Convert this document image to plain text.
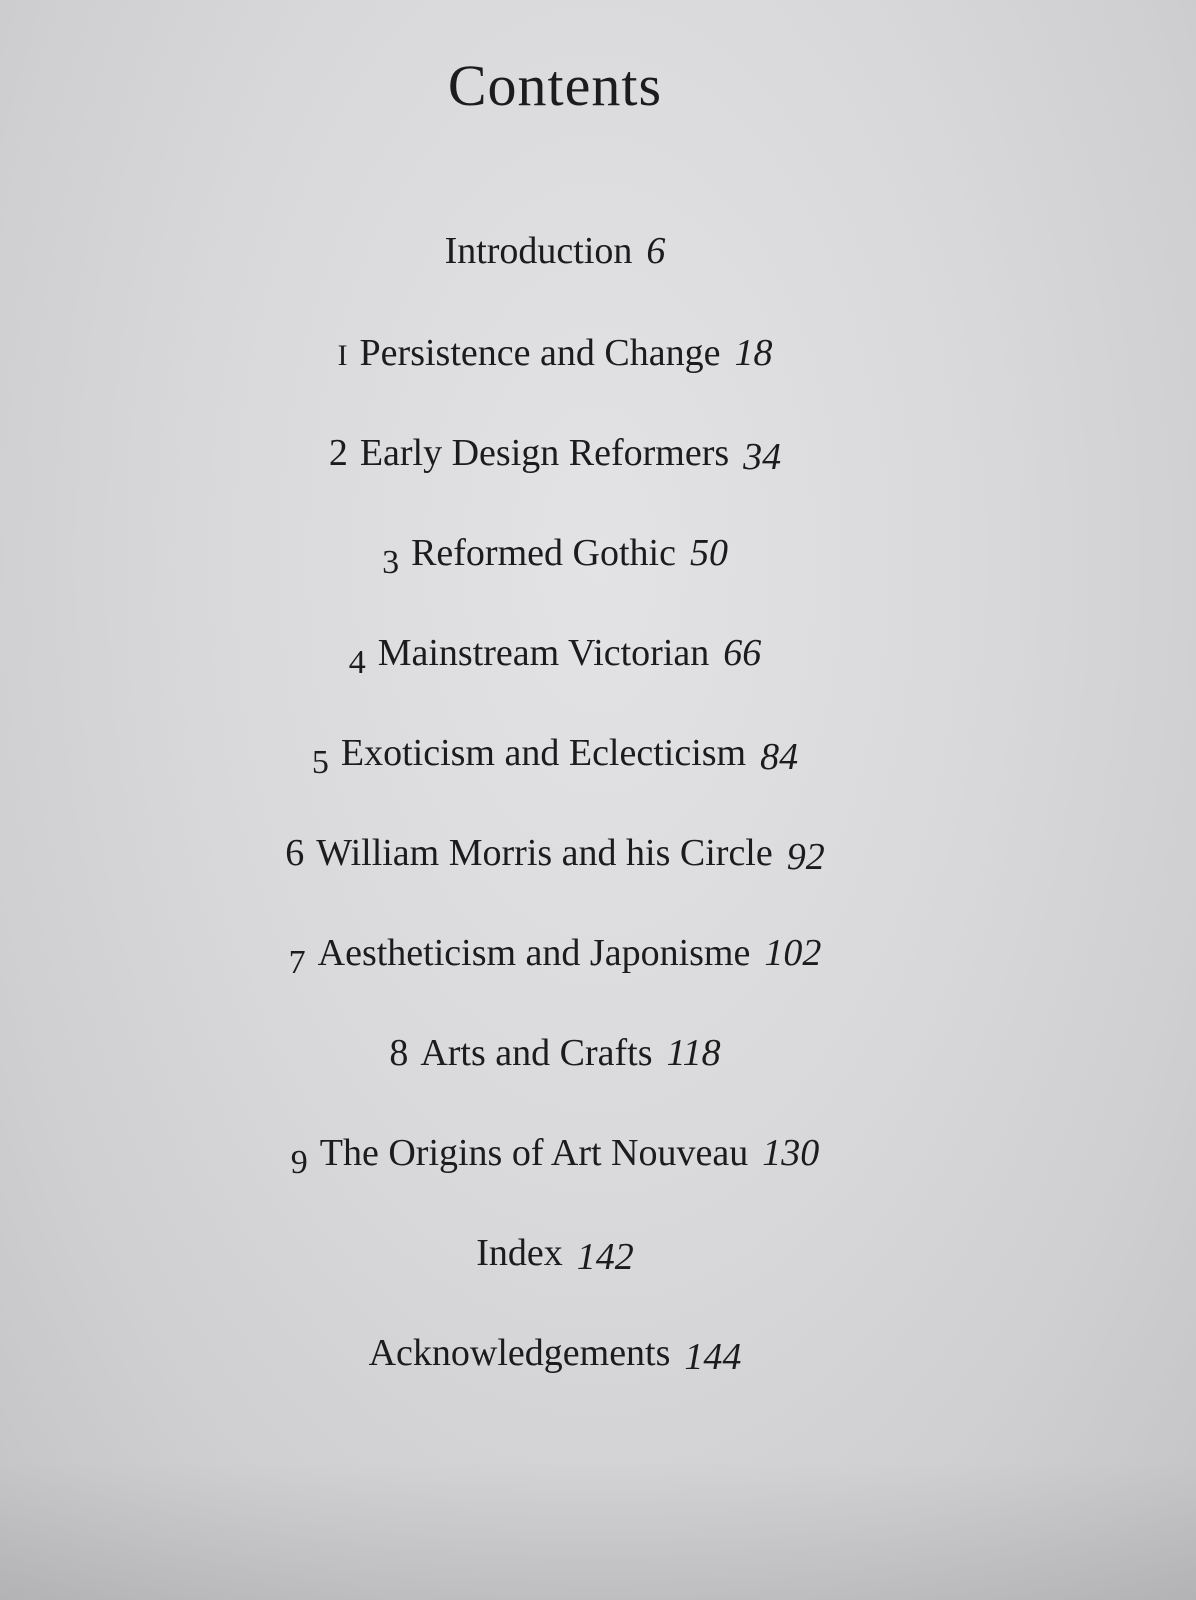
Contents
Introduction 6
I Persistence and Change 18
2 Early Design Reformers 34
3 Reformed Gothic 50
4 Mainstream Victorian 66
5 Exoticism and Eclecticism 84
6 William Morris and his Circle 92
7 Aestheticism and Japonisme 102
8 Arts and Crafts 118
9 The Origins of Art Nouveau 130
Index 142
Acknowledgements 144
